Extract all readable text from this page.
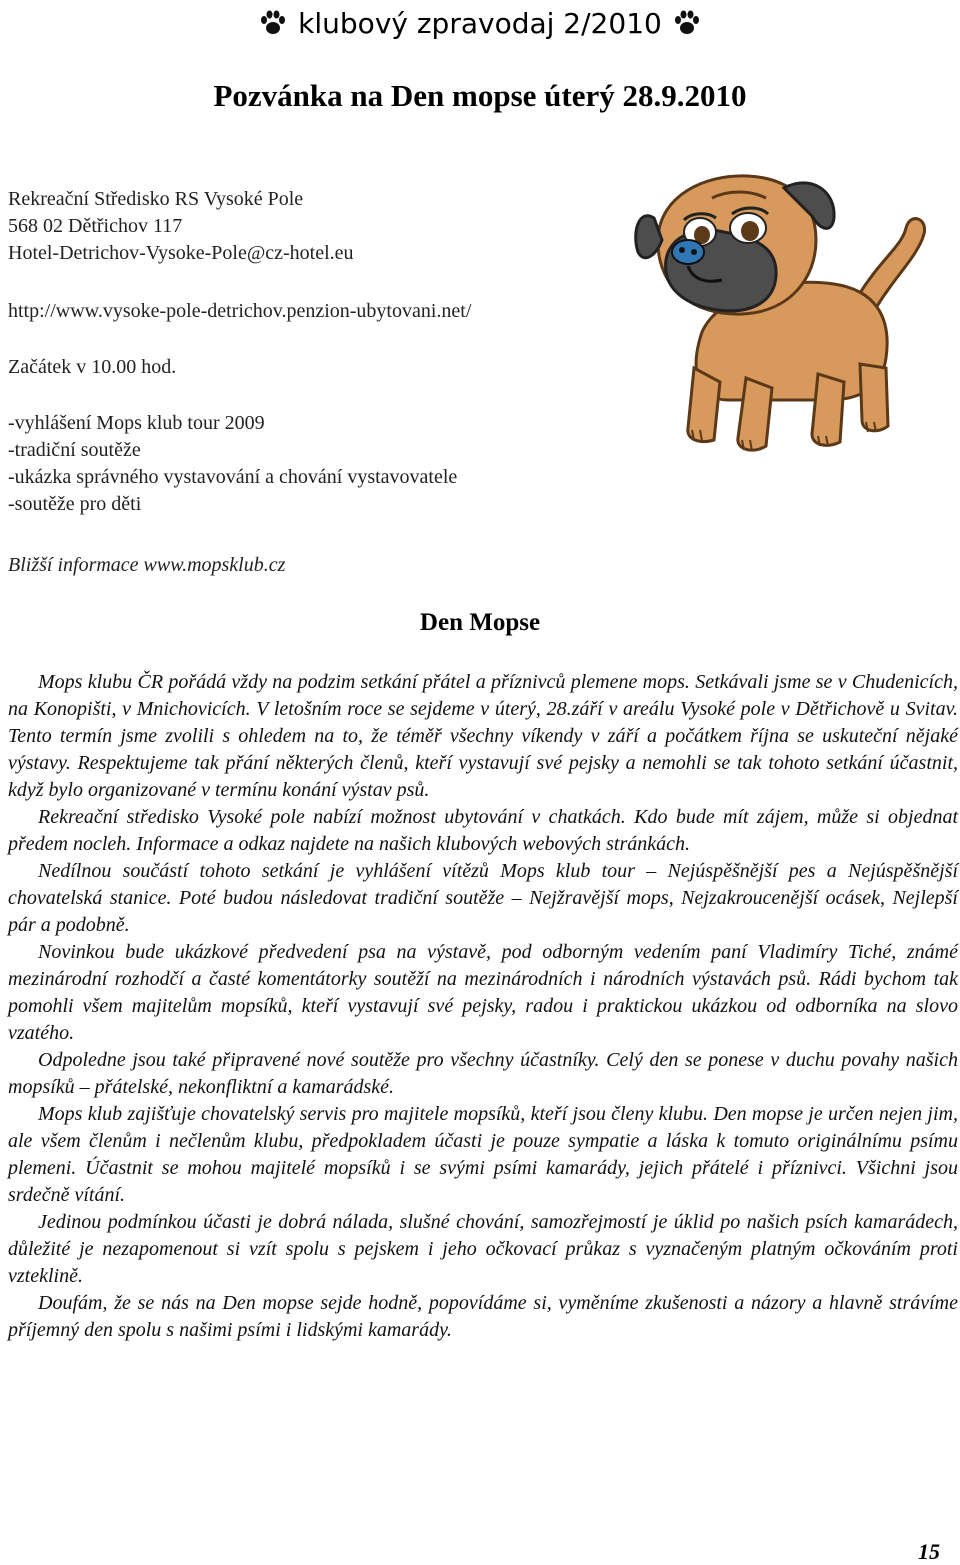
klubový zpravodaj 2/2010
Pozvánka na Den mopse úterý 28.9.2010
Rekreační Středisko RS Vysoké Pole
568 02 Dětřichov 117
Hotel-Detrichov-Vysoke-Pole@cz-hotel.eu
http://www.vysoke-pole-detrichov.penzion-ubytovani.net/
Začátek v 10.00 hod.
-vyhlášení Mops klub tour 2009
-tradiční soutěže
-ukázka správného vystavování a chování vystavovatele
-soutěže pro děti
Bližší informace www.mopsklub.cz
Den Mopse

Mops klubu ČR pořádá vždy na podzim setkání přátel a příznivců plemene mops. Setkávali jsme se v Chudenicích, na Konopišti, v Mnichovicích. V letošním roce se sejdeme v úterý, 28.září v areálu Vysoké pole v Dětřichově u Svitav. Tento termín jsme zvolili s ohledem na to, že téměř všechny víkendy v září a počátkem října se uskuteční nějaké výstavy. Respektujeme tak přání některých členů, kteří vystavují své pejsky a nemohli se tak tohoto setkání účastnit, když bylo organizované v termínu konání výstav psů.

Rekreační středisko Vysoké pole nabízí možnost ubytování v chatkách. Kdo bude mít zájem, může si objednat předem nocleh. Informace a odkaz najdete na našich klubových webových stránkách.

Nedílnou součástí tohoto setkání je vyhlášení vítězů Mops klub tour – Nejúspěšnější pes a Nejúspěšnější chovatelská stanice. Poté budou následovat tradiční soutěže – Nejžravější mops, Nejzakroucenější ocásek, Nejlepší pár a podobně.

Novinkou bude ukázkové předvedení psa na výstavě, pod odborným vedením paní Vladimíry Tiché, známé mezinárodní rozhodčí a časté komentátorky soutěží na mezinárodních i národních výstavách psů. Rádi bychom tak pomohli všem majitelům mopsíků, kteří vystavují své pejsky, radou i praktickou ukázkou od odborníka na slovo vzatého.

Odpoledne jsou také připravené nové soutěže pro všechny účastníky. Celý den se ponese v duchu povahy našich mopsíků – přátelské, nekonfliktní a kamarádské.

Mops klub zajišťuje chovatelský servis pro majitele mopsíků, kteří jsou členy klubu. Den mopse je určen nejen jim, ale všem členům i nečlenům klubu, předpokladem účasti je pouze sympatie a láska k tomuto originálnímu psímu plemeni. Účastnit se mohou majitelé mopsíků i se svými psími kamarády, jejich přátelé i příznivci. Všichni jsou srdečně vítání.

Jedinou podmínkou účasti je dobrá nálada, slušné chování, samozřejmostí je úklid po našich psích kamarádech, důležité je nezapomenout si vzít spolu s pejskem i jeho očkovací průkaz s vyznačeným platným očkováním proti vzteklině.

Doufám, že se nás na Den mopse sejde hodně, popovídáme si, vyměníme zkušenosti a názory a hlavně strávíme příjemný den spolu s našimi psími i lidskými kamarády.

15
